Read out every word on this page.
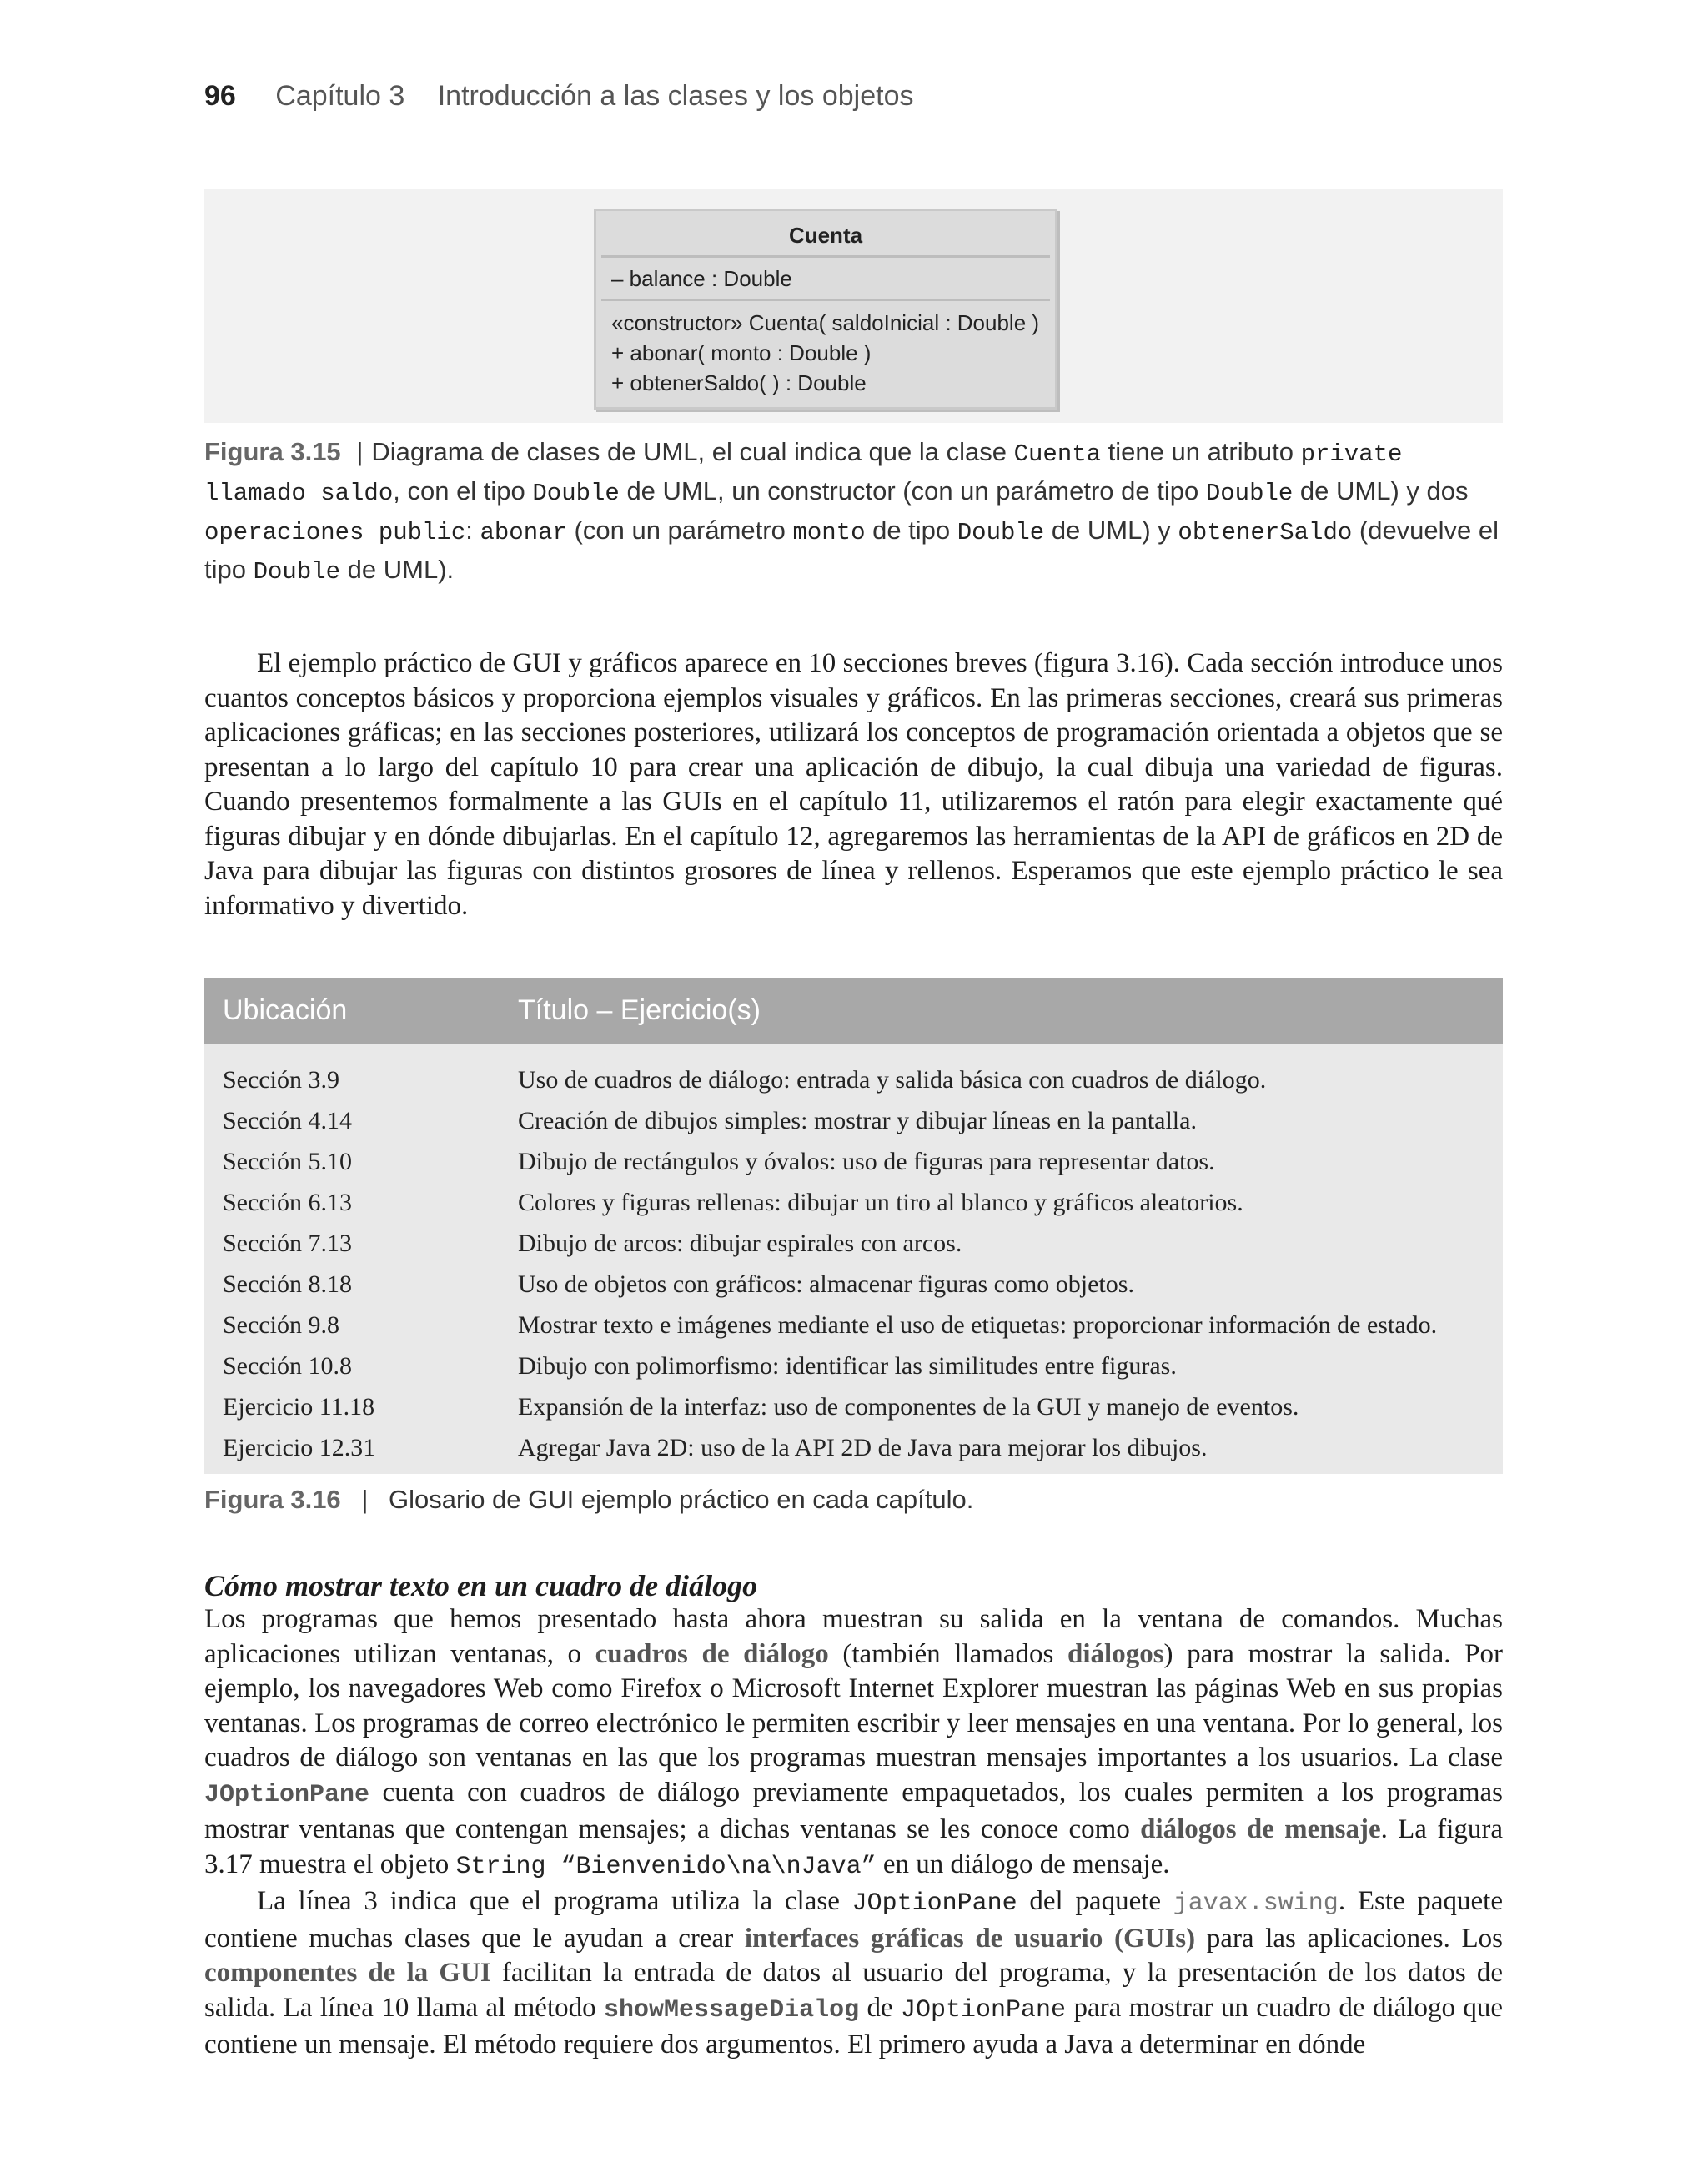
96 Capítulo 3 Introducción a las clases y los objetos
Cuenta
– balance : Double
«constructor» Cuenta( saldoInicial : Double )
+ abonar( monto : Double )
+ obtenerSaldo( ) : Double
Figura 3.15 | Diagrama de clases de UML, el cual indica que la clase Cuenta tiene un atributo private llamado saldo, con el tipo Double de UML, un constructor (con un parámetro de tipo Double de UML) y dos operaciones public: abonar (con un parámetro monto de tipo Double de UML) y obtenerSaldo (devuelve el tipo Double de UML).

El ejemplo práctico de GUI y gráficos aparece en 10 secciones breves (figura 3.16). Cada sección introduce unos cuantos conceptos básicos y proporciona ejemplos visuales y gráficos. En las primeras secciones, creará sus primeras aplicaciones gráficas; en las secciones posteriores, utilizará los conceptos de programación orientada a objetos que se presentan a lo largo del capítulo 10 para crear una aplicación de dibujo, la cual dibuja una variedad de figuras. Cuando presentemos formalmente a las GUIs en el capítulo 11, utilizaremos el ratón para elegir exactamente qué figuras dibujar y en dónde dibujarlas. En el capítulo 12, agregaremos las herramientas de la API de gráficos en 2D de Java para dibujar las figuras con distintos grosores de línea y rellenos. Esperamos que este ejemplo práctico le sea informativo y divertido.

Ubicación	Título – Ejercicio(s)
Sección 3.9	Uso de cuadros de diálogo: entrada y salida básica con cuadros de diálogo.
Sección 4.14	Creación de dibujos simples: mostrar y dibujar líneas en la pantalla.
Sección 5.10	Dibujo de rectángulos y óvalos: uso de figuras para representar datos.
Sección 6.13	Colores y figuras rellenas: dibujar un tiro al blanco y gráficos aleatorios.
Sección 7.13	Dibujo de arcos: dibujar espirales con arcos.
Sección 8.18	Uso de objetos con gráficos: almacenar figuras como objetos.
Sección 9.8	Mostrar texto e imágenes mediante el uso de etiquetas: proporcionar información de estado.
Sección 10.8	Dibujo con polimorfismo: identificar las similitudes entre figuras.
Ejercicio 11.18	Expansión de la interfaz: uso de componentes de la GUI y manejo de eventos.
Ejercicio 12.31	Agregar Java 2D: uso de la API 2D de Java para mejorar los dibujos.
Figura 3.16 | Glosario de GUI ejemplo práctico en cada capítulo.
Cómo mostrar texto en un cuadro de diálogo

Los programas que hemos presentado hasta ahora muestran su salida en la ventana de comandos. Muchas aplicaciones utilizan ventanas, o cuadros de diálogo (también llamados diálogos) para mostrar la salida. Por ejemplo, los navegadores Web como Firefox o Microsoft Internet Explorer muestran las páginas Web en sus propias ventanas. Los programas de correo electrónico le permiten escribir y leer mensajes en una ventana. Por lo general, los cuadros de diálogo son ventanas en las que los programas muestran mensajes importantes a los usuarios. La clase JOptionPane cuenta con cuadros de diálogo previamente empaquetados, los cuales permiten a los programas mostrar ventanas que contengan mensajes; a dichas ventanas se les conoce como diálogos de mensaje. La figura 3.17 muestra el objeto String “Bienvenido\na\nJava” en un diálogo de mensaje.

La línea 3 indica que el programa utiliza la clase JOptionPane del paquete javax.swing. Este paquete contiene muchas clases que le ayudan a crear interfaces gráficas de usuario (GUIs) para las aplicaciones. Los componentes de la GUI facilitan la entrada de datos al usuario del programa, y la presentación de los datos de salida. La línea 10 llama al método showMessageDialog de JOptionPane para mostrar un cuadro de diálogo que contiene un mensaje. El método requiere dos argumentos. El primero ayuda a Java a determinar en dónde
